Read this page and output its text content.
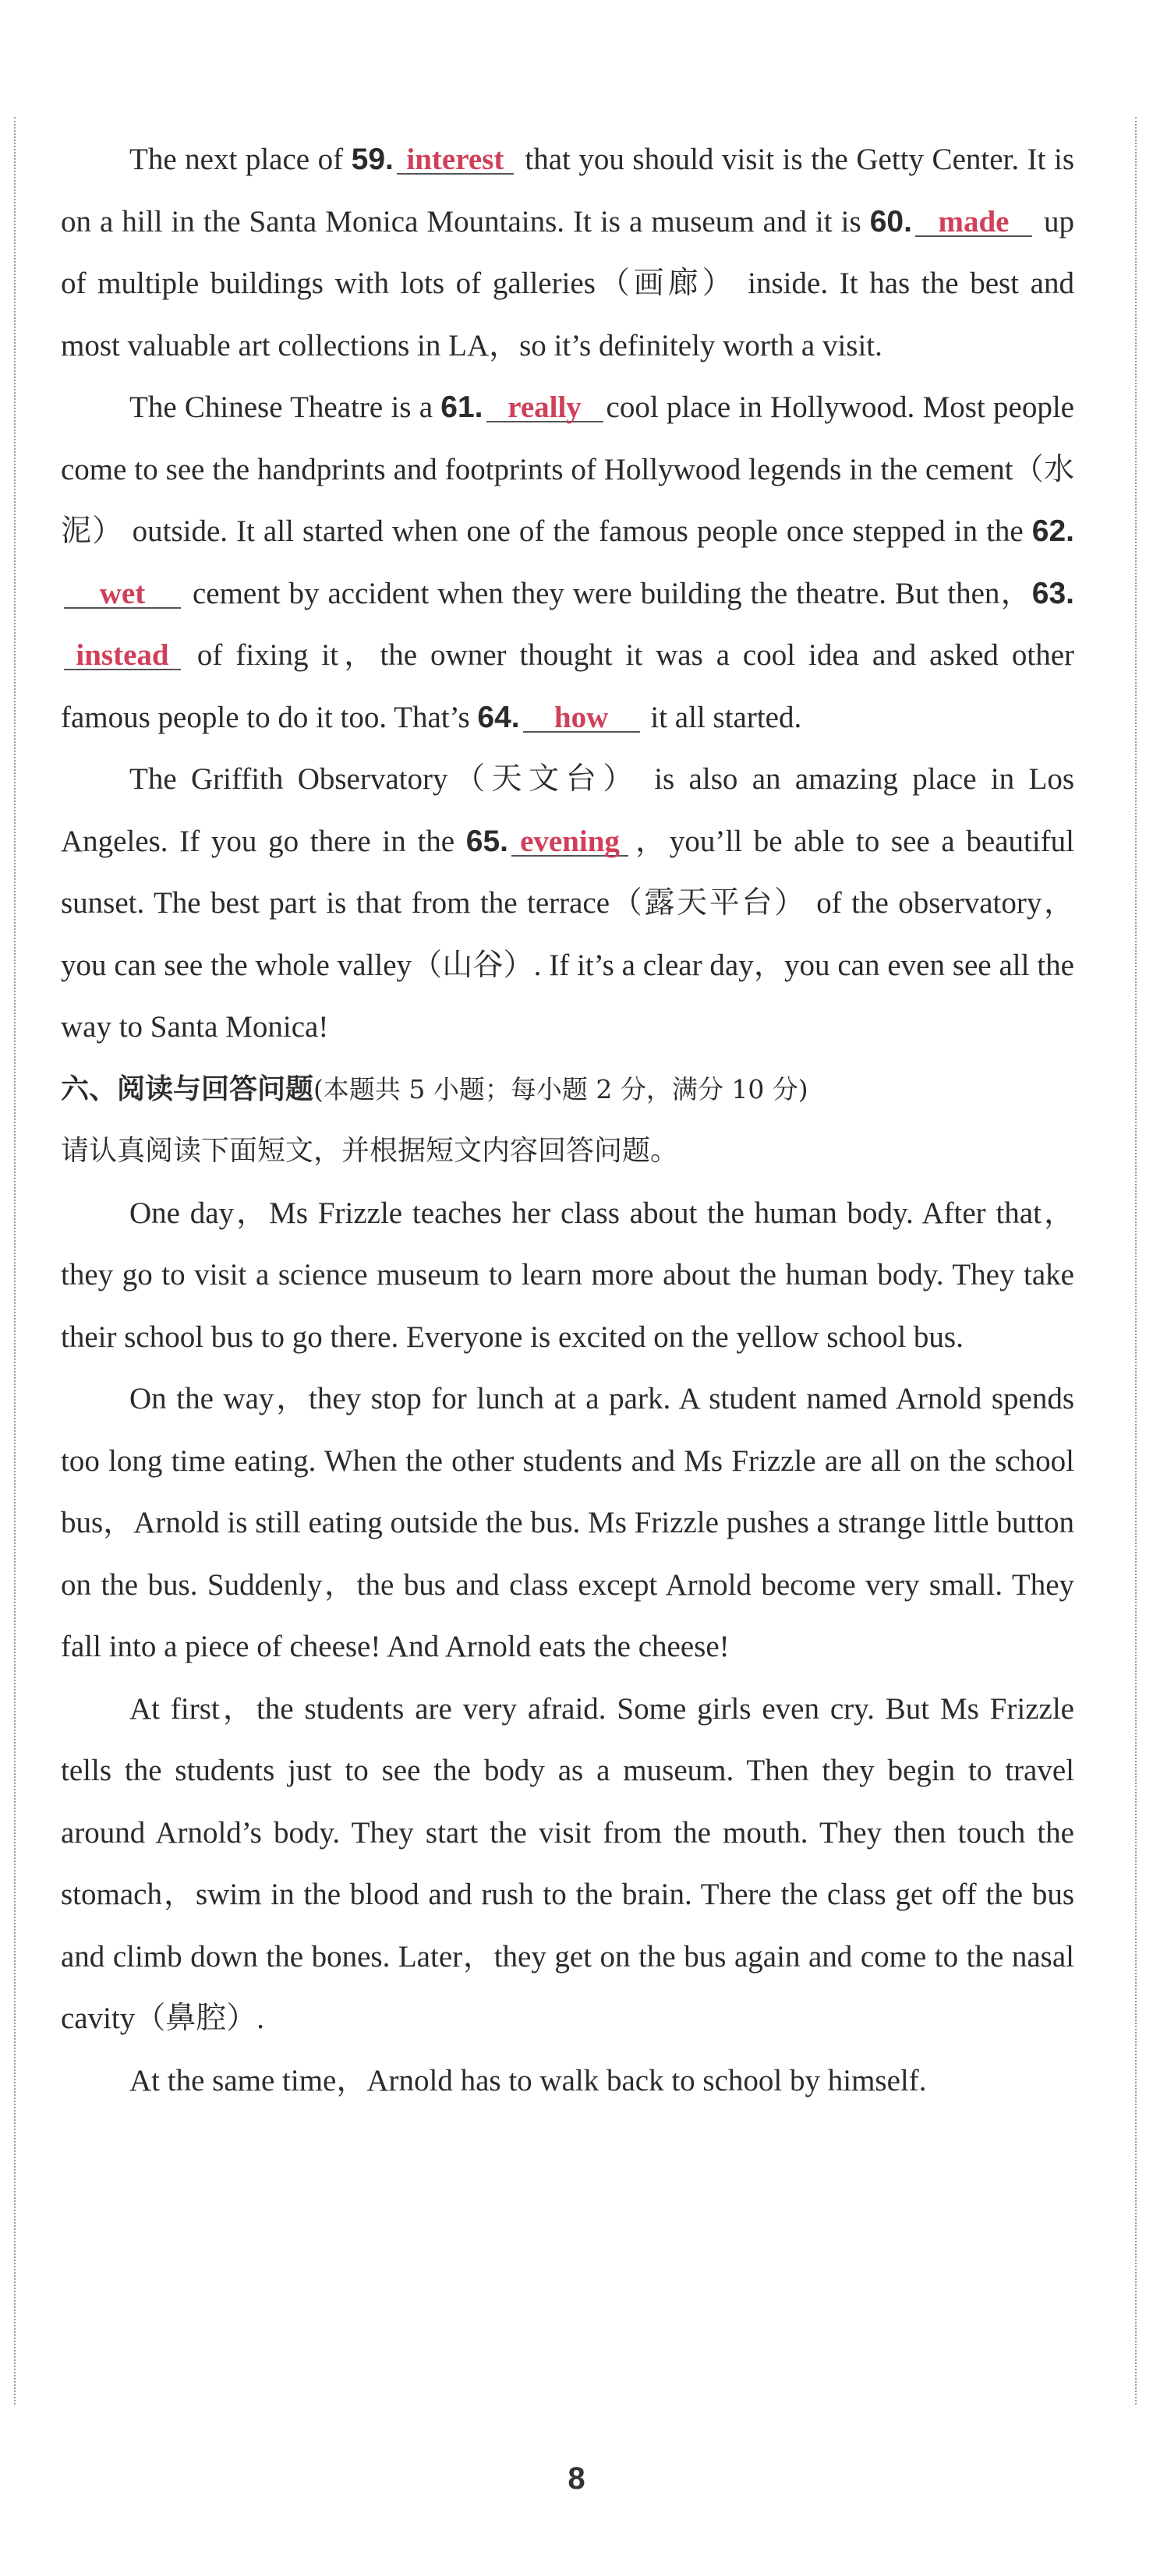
The next place of 59. interest that you should visit is the Getty Center. It is on a hill in the Santa Monica Mountains. It is a museum and it is 60. made up of multiple buildings with lots of galleries（画廊） inside. It has the best and most valuable art collections in LA，so it’s definitely worth a visit.

The Chinese Theatre is a 61. really cool place in Hollywood. Most people come to see the handprints and footprints of Hollywood legends in the cement（水泥） outside. It all started when one of the famous people once stepped in the 62.wet cement by accident when they were building the theatre. But then，63.instead of fixing it，the owner thought it was a cool idea and asked other famous people to do it too. That’s 64. how it all started.

The Griffith Observatory（天文台） is also an amazing place in Los Angeles. If you go there in the 65. evening ，you’ll be able to see a beautiful sunset. The best part is that from the terrace（露天平台） of the observatory，you can see the whole valley（山谷）. If it’s a clear day，you can even see all the way to Santa Monica!

六、阅读与回答问题(本题共 5 小题；每小题 2 分，满分 10 分)

请认真阅读下面短文，并根据短文内容回答问题。

One day，Ms Frizzle teaches her class about the human body. After that，they go to visit a science museum to learn more about the human body. They take their school bus to go there. Everyone is excited on the yellow school bus.

On the way，they stop for lunch at a park. A student named Arnold spends too long time eating. When the other students and Ms Frizzle are all on the school bus，Arnold is still eating outside the bus. Ms Frizzle pushes a strange little button on the bus. Suddenly，the bus and class except Arnold become very small. They fall into a piece of cheese! And Arnold eats the cheese!

At first，the students are very afraid. Some girls even cry. But Ms Frizzle tells the students just to see the body as a museum. Then they begin to travel around Arnold’s body. They start the visit from the mouth. They then touch the stomach，swim in the blood and rush to the brain. There the class get off the bus and climb down the bones. Later，they get on the bus again and come to the nasal cavity（鼻腔）.

At the same time，Arnold has to walk back to school by himself.

8
